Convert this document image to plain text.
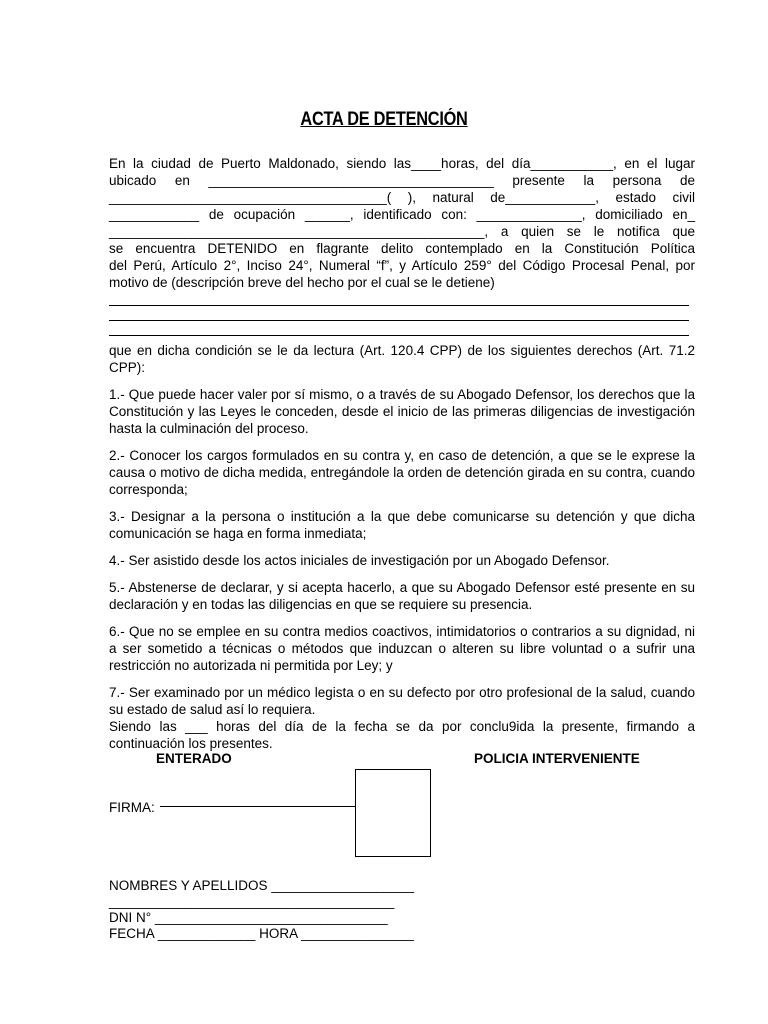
ACTA DE DETENCIÓN

En la ciudad de Puerto Maldonado, siendo las____horas, del día___________, en el lugar

ubicado en ______________________________________ presente la persona de

_____________________________________( ), natural de____________, estado civil

____________ de ocupación ______, identificado con: ______________, domiciliado en_

__________________________________________________, a quien se le notifica que

se encuentra DETENIDO en flagrante delito contemplado en la Constitución Política

del Perú, Artículo 2°, Inciso 24°, Numeral “f”, y Artículo 259° del Código Procesal Penal, por

motivo de (descripción breve del hecho por el cual se le detiene)

que en dicha condición se le da lectura (Art. 120.4 CPP) de los siguientes derechos (Art. 71.2 CPP):

1.- Que puede hacer valer por sí mismo, o a través de su Abogado Defensor, los derechos que la Constitución y las Leyes le conceden, desde el inicio de las primeras diligencias de investigación hasta la culminación del proceso.

2.- Conocer los cargos formulados en su contra y, en caso de detención, a que se le exprese la causa o motivo de dicha medida, entregándole la orden de detención girada en su contra, cuando corresponda;

3.- Designar a la persona o institución a la que debe comunicarse su detención y que dicha comunicación se haga en forma inmediata;

4.- Ser asistido desde los actos iniciales de investigación por un Abogado Defensor.

5.- Abstenerse de declarar, y si acepta hacerlo, a que su Abogado Defensor esté presente en su declaración y en todas las diligencias en que se requiere su presencia.

6.- Que no se emplee en su contra medios coactivos, intimidatorios o contrarios a su dignidad, ni a ser sometido a técnicas o métodos que induzcan o alteren su libre voluntad o a sufrir una restricción no autorizada ni permitida por Ley; y

7.- Ser examinado por un médico legista o en su defecto por otro profesional de la salud, cuando su estado de salud así lo requiera.

Siendo las ___ horas del día de la fecha se da por conclu9ida la presente, firmando a continuación los presentes.

ENTERADO	POLICIA INTERVENIENTE
FIRMA:
NOMBRES Y APELLIDOS ___________________
______________________________________
DNI N° _______________________________
FECHA _____________ HORA _______________
